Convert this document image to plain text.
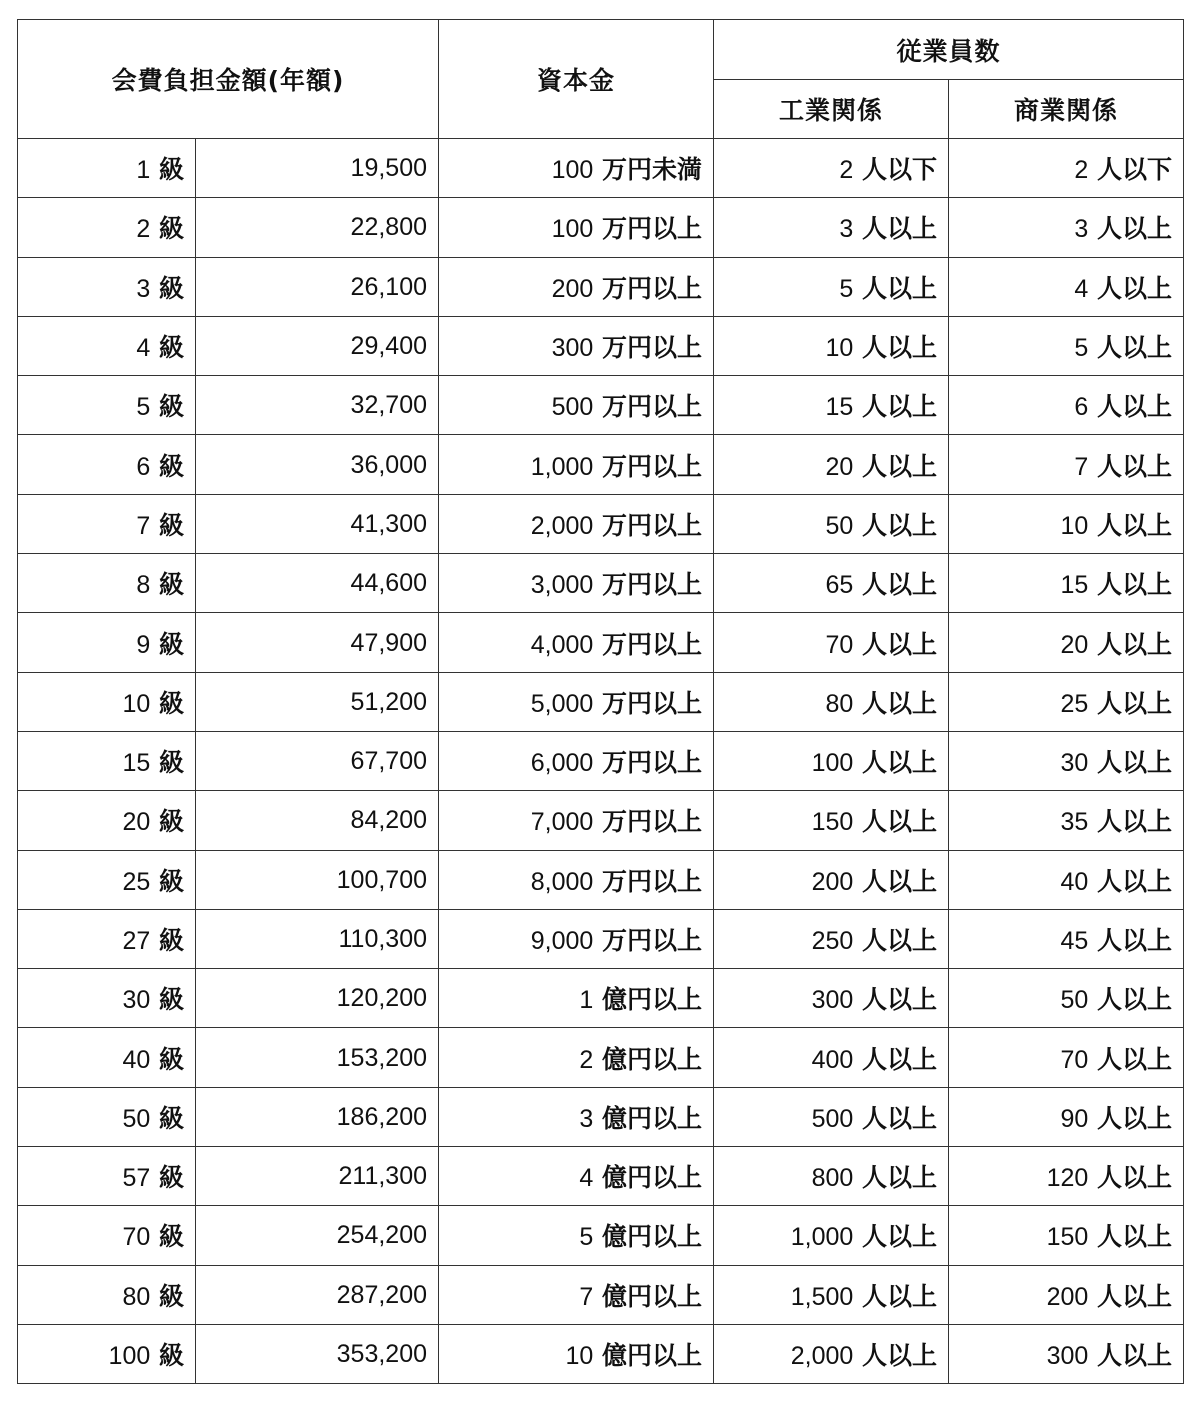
会費負担金額(年額)		資本金	従業員数	
			工業関係	商業関係
1 級	19,500	100 万円未満	2 人以下	2 人以下
2 級	22,800	100 万円以上	3 人以上	3 人以上
3 級	26,100	200 万円以上	5 人以上	4 人以上
4 級	29,400	300 万円以上	10 人以上	5 人以上
5 級	32,700	500 万円以上	15 人以上	6 人以上
6 級	36,000	1,000 万円以上	20 人以上	7 人以上
7 級	41,300	2,000 万円以上	50 人以上	10 人以上
8 級	44,600	3,000 万円以上	65 人以上	15 人以上
9 級	47,900	4,000 万円以上	70 人以上	20 人以上
10 級	51,200	5,000 万円以上	80 人以上	25 人以上
15 級	67,700	6,000 万円以上	100 人以上	30 人以上
20 級	84,200	7,000 万円以上	150 人以上	35 人以上
25 級	100,700	8,000 万円以上	200 人以上	40 人以上
27 級	110,300	9,000 万円以上	250 人以上	45 人以上
30 級	120,200	1 億円以上	300 人以上	50 人以上
40 級	153,200	2 億円以上	400 人以上	70 人以上
50 級	186,200	3 億円以上	500 人以上	90 人以上
57 級	211,300	4 億円以上	800 人以上	120 人以上
70 級	254,200	5 億円以上	1,000 人以上	150 人以上
80 級	287,200	7 億円以上	1,500 人以上	200 人以上
100 級	353,200	10 億円以上	2,000 人以上	300 人以上
